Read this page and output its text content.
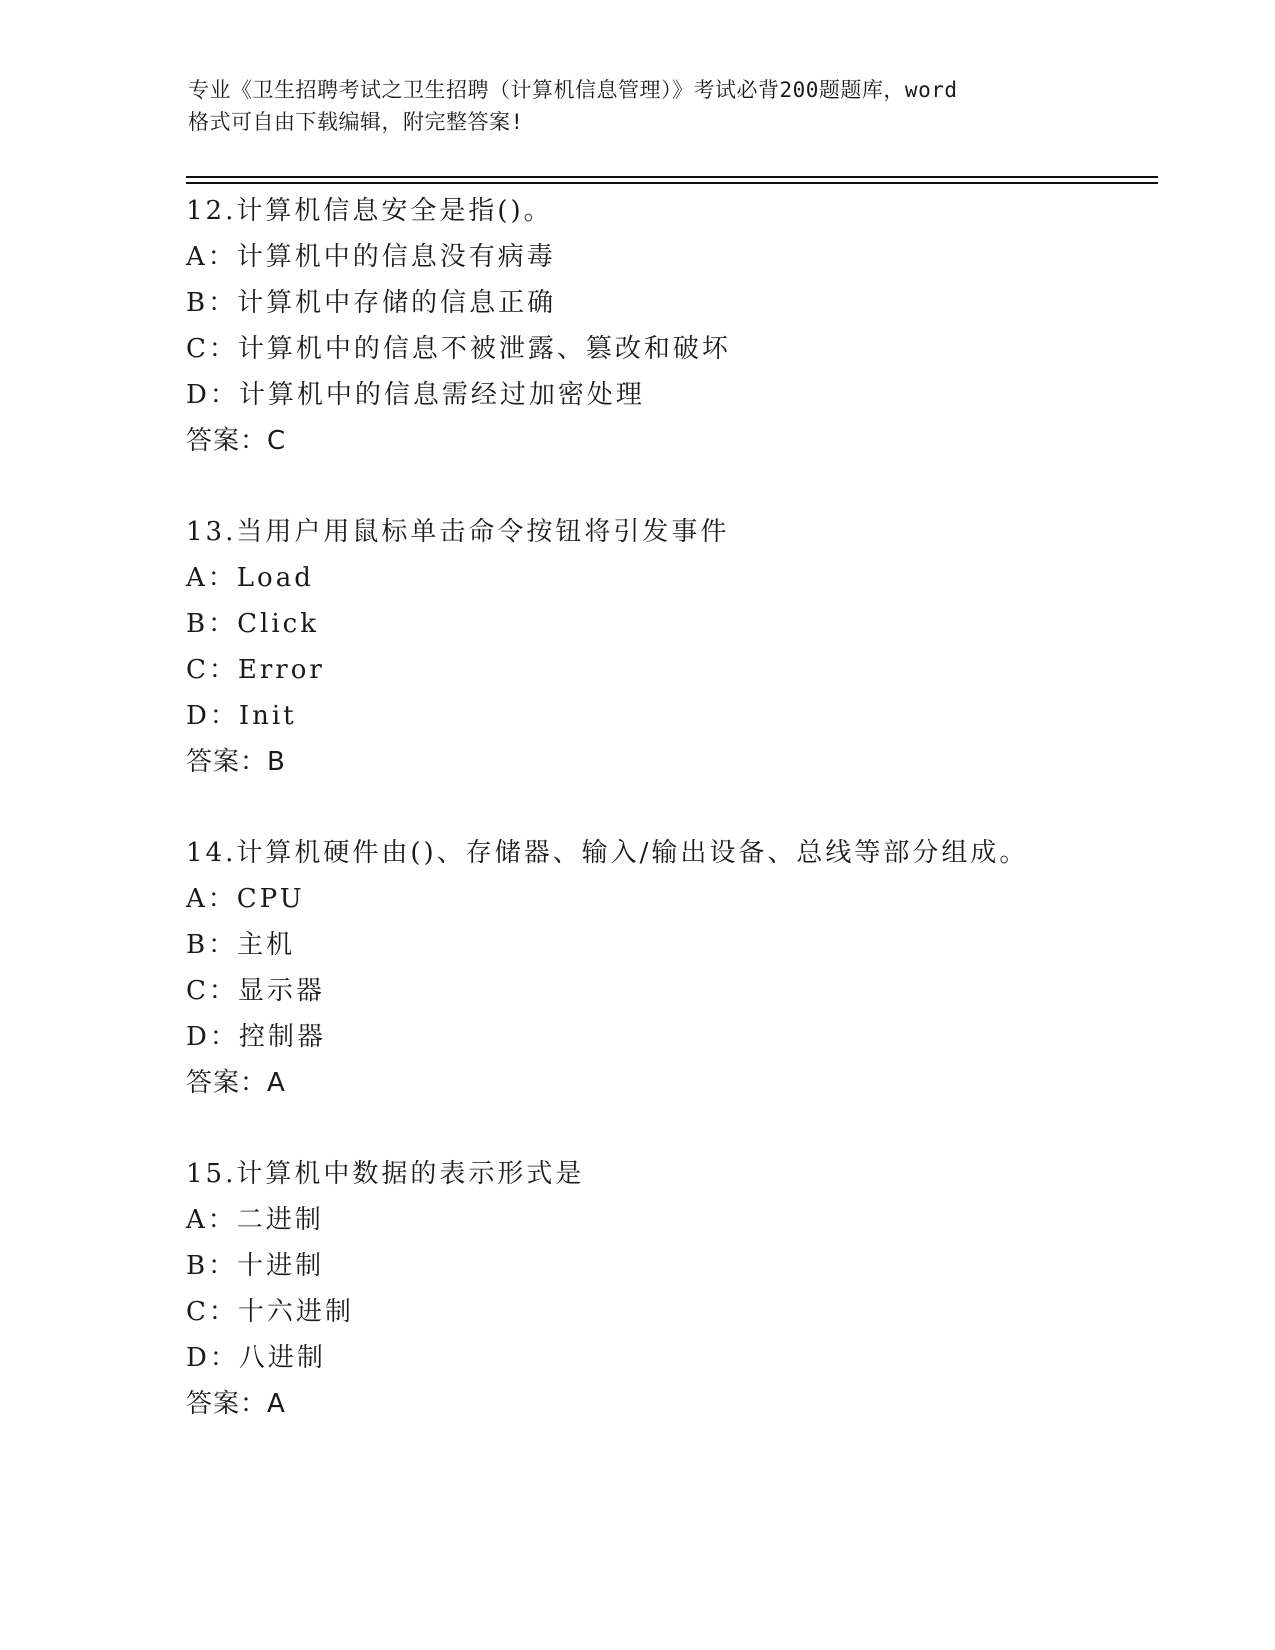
专业《卫生招聘考试之卫生招聘（计算机信息管理）》考试必背200题题库，word
格式可自由下载编辑，附完整答案!
12.计算机信息安全是指()。
A：计算机中的信息没有病毒
B：计算机中存储的信息正确
C：计算机中的信息不被泄露、篡改和破坏
D：计算机中的信息需经过加密处理
答案：C
13.当用户用鼠标单击命令按钮将引发事件
A：Load
B：Click
C：Error
D：Init
答案：B
14.计算机硬件由()、存储器、输入/输出设备、总线等部分组成。
A：CPU
B：主机
C：显示器
D：控制器
答案：A
15.计算机中数据的表示形式是
A：二进制
B：十进制
C：十六进制
D：八进制
答案：A
